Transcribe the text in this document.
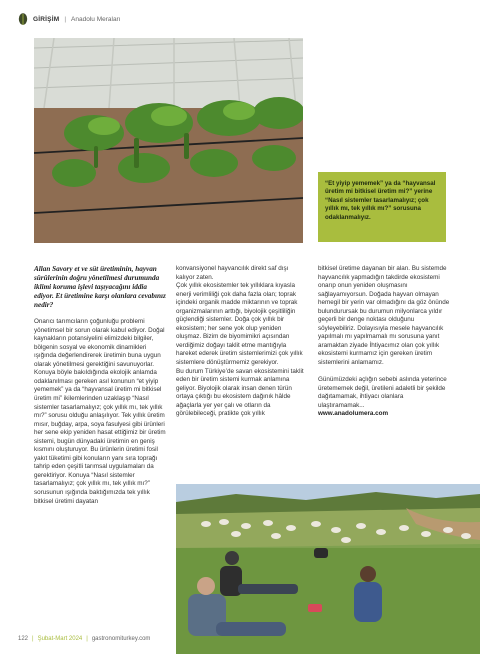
GİRİŞİM | Anadolu Meraları

“Et yiyip yememek” ya da “hayvansal üretim mi bitkisel üretim mi?” yerine “Nasıl sistemler tasarlamalıyız; çok yıllık mı, tek yıllık mı?” sorusuna odaklanmalıyız.

Allan Savory et ve süt üretiminin, hayvan sürülerinin doğru yönetilmesi durumunda iklimi koruma işlevi taşıyacağını iddia ediyor. Et üretimine karşı olanlara cevabınız nedir?

Onarıcı tarımcıların çoğunluğu problemi yönetimsel bir sorun olarak kabul ediyor. Doğal kaynakların potansiyelini elimizdeki bilgiler, bölgenin sosyal ve ekonomik dinamikleri ışığında değerlendirerek üretimin buna uygun olarak yönetilmesi gerektiğini savunuyorlar. Konuya böyle bakıldığında ekolojik anlamda odaklanılması gereken asıl konunun “et yiyip yememek” ya da “hayvansal üretim mi bitkisel üretim mi” ikilemlerinden uzaklaşıp “Nasıl sistemler tasarlamalıyız; çok yıllık mı, tek yıllık mı?” sorusu olduğu anlaşılıyor. Tek yıllık üretim mısır, buğday, arpa, soya fasulyesi gibi ürünleri her sene ekip yeniden hasat ettiğimiz bir üretim sistemi, bugün dünyadaki üretimin en geniş kısmını oluşturuyor. Bu ürünlerin üretimi fosil yakıt tüketimi gibi konuların yanı sıra toprağı tahrip eden çeşitli tarımsal uygulamaları da gerektiriyor. Konuya “Nasıl sistemler tasarlamalıyız; çok yıllık mı, tek yıllık mı?” sorusunun ışığında baktığımızda tek yıllık bitkisel üretimi dayatan

konvansiyonel hayvancılık direkt saf dışı kalıyor zaten.

Çok yıllık ekosistemler tek yıllıklara kıyasla enerji verimliliği çok daha fazla olan; toprak içindeki organik madde miktarının ve toprak organizmalarının arttığı, biyolojik çeşitliliğin güçlendiği sistemler. Doğa çok yıllık bir ekosistem; her sene yok olup yeniden oluşmaz. Bizim de biyomimikri açısından verdiğimiz doğayı taklit etme mantığıyla hareket ederek üretim sistemlerimizi çok yıllık sistemlere dönüştürmemiz gerekiyor.

Bu durum Türkiye’de savan ekosistemini taklit eden bir üretim sistemi kurmak anlamına geliyor. Biyolojik olarak insan denen türün ortaya çıktığı bu ekosistem dağınık hâlde ağaçlarla yer yer çalı ve otların da görülebileceği, pratikte çok yıllık

bitkisel üretime dayanan bir alan. Bu sistemde hayvancılık yapmadığın takdirde ekosistemi onarıp onun yeniden oluşmasını sağlayamıyorsun. Doğada hayvan olmayan hemegil bir yerin var olmadığını da göz önünde bulundurursak bu durumun milyonlarca yıldır geçerli bir denge noktası olduğunu söyleyebiliriz. Dolayısıyla mesele hayvancılık yapılmalı mı yapılmamalı mı sorusuna yanıt aramaktan ziyade İhtiyacımız olan çok yıllık ekosistemi kurmamız için gereken üretim sistemlerini anlamamız.

Günümüzdeki açlığın sebebi aslında yeterince üretememek değil, üretileni adaletli bir şekilde dağıtamamak, ihtiyacı olanlara ulaştıramamak...

www.anadolumera.com

122 | Şubat-Mart 2024 | gastronomiturkey.com
